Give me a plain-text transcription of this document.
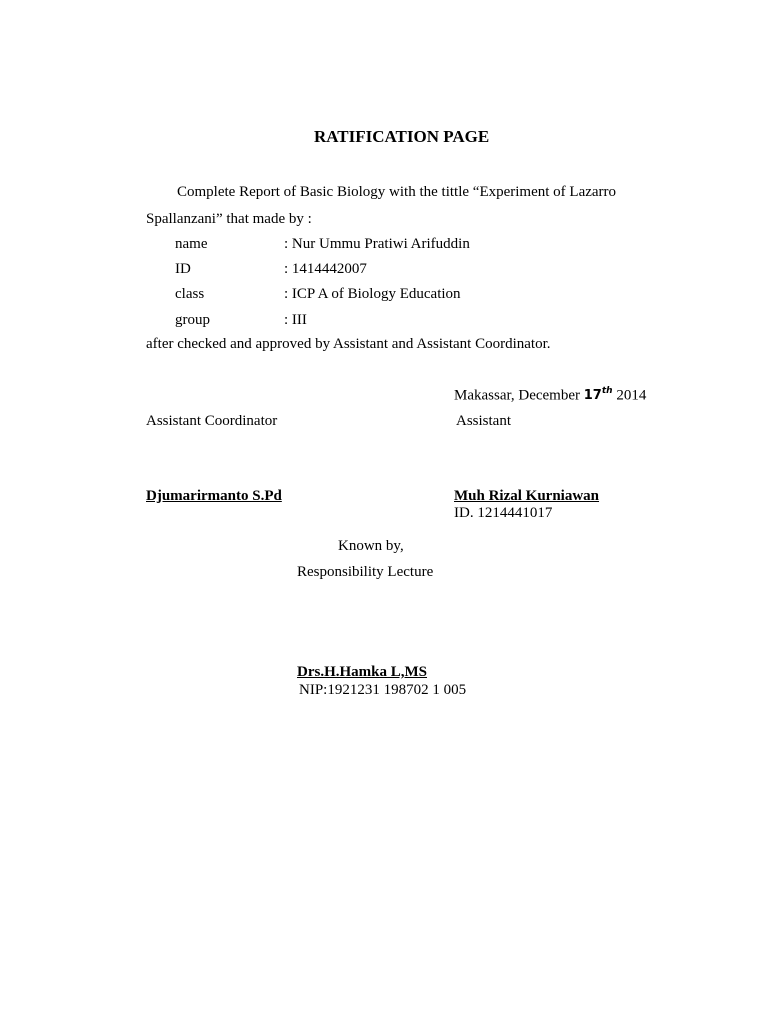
RATIFICATION PAGE
Complete Report of Basic Biology with the tittle “Experiment of Lazarro
Spallanzani” that made by :
name	: Nur Ummu Pratiwi Arifuddin
ID	: 1414442007
class	: ICP A of Biology Education
group	: III
after checked and approved by Assistant and Assistant Coordinator.
Makassar, December 17th 2014
Assistant Coordinator	Assistant
Djumarirmanto S.Pd	Muh Rizal Kurniawan
ID. 1214441017
Known by,
Responsibility Lecture
Drs.H.Hamka L,MS
NIP:1921231 198702 1 005
